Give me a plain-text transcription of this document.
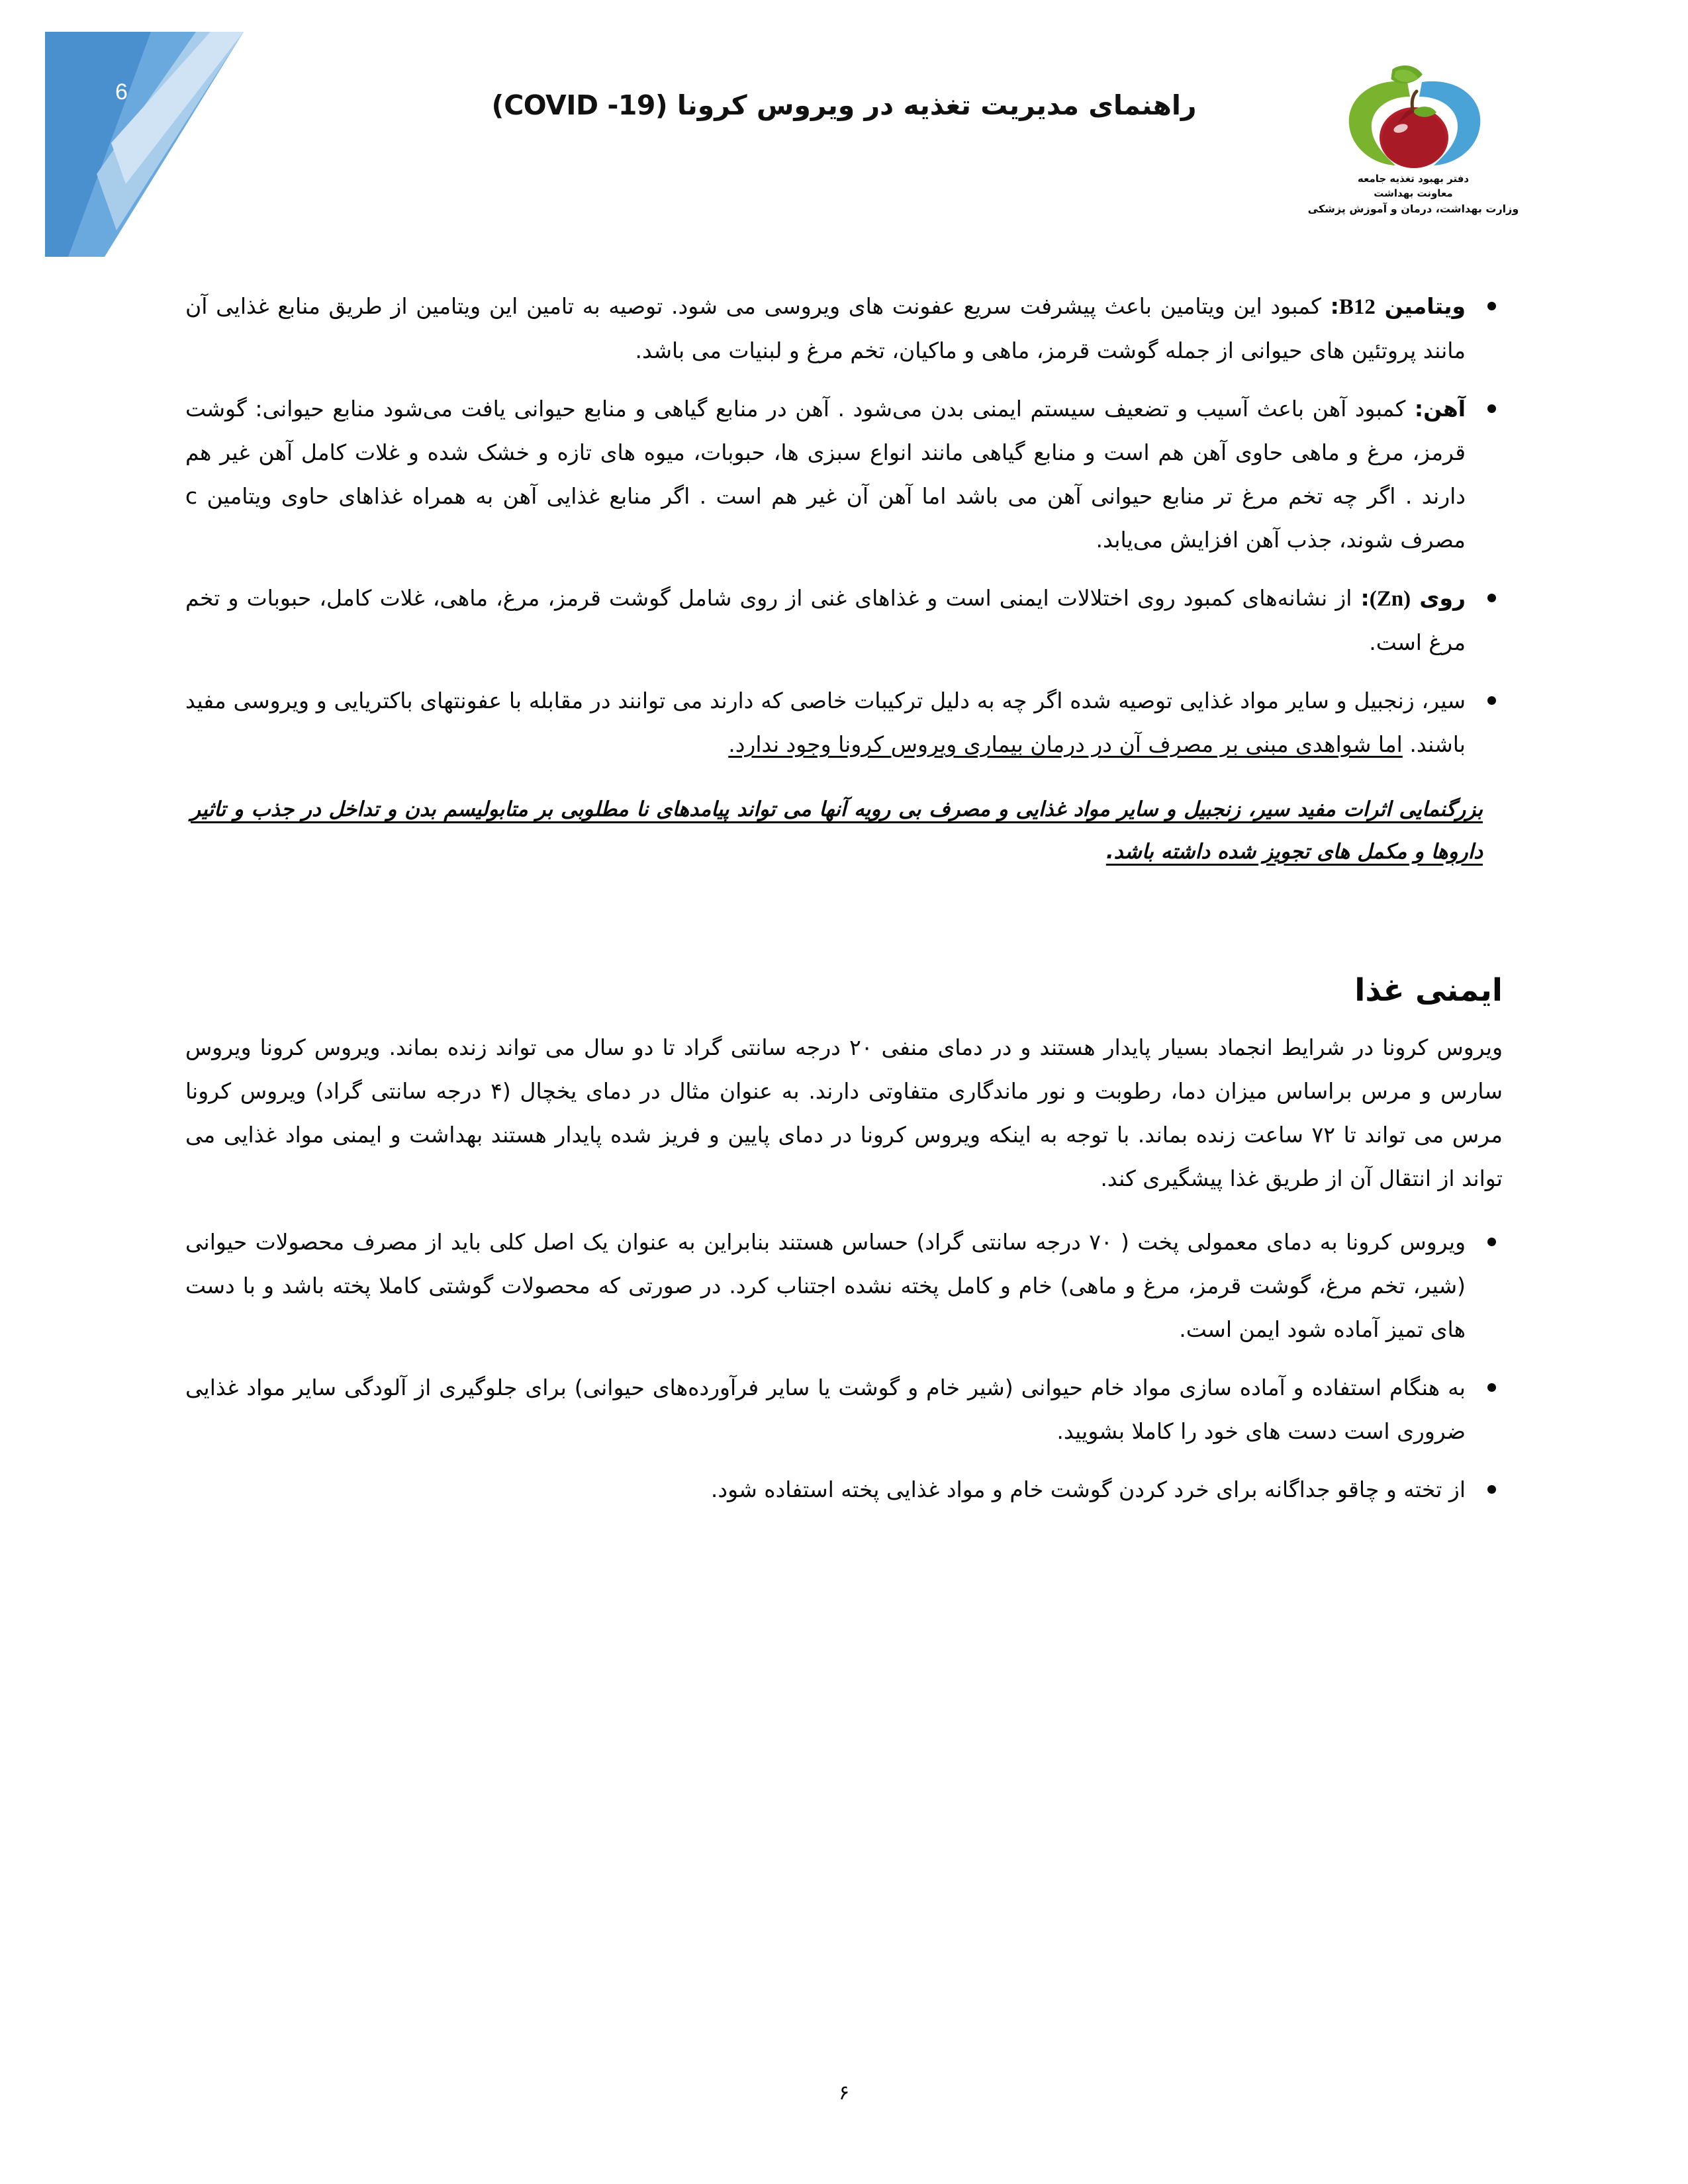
6	راهنمای مدیریت تغذیه در ویروس کرونا (COVID -19)
دفتر بهبود تغذیه جامعه
معاونت بهداشت
وزارت بهداشت، درمان و آموزش پزشکی
ویتامین B12: کمبود این ویتامین باعث پیشرفت سریع عفونت های ویروسی می شود. توصیه به تامین این ویتامین از طریق منابع غذایی آن مانند پروتئین های حیوانی از جمله گوشت قرمز، ماهی و ماکیان، تخم مرغ و لبنیات می باشد.
آهن: کمبود آهن باعث آسیب و تضعیف سیستم ایمنی بدن می‌شود . آهن در منابع گیاهی و منابع حیوانی یافت می‌شود منابع حیوانی: گوشت قرمز، مرغ و ماهی حاوی آهن هم است و منابع گیاهی مانند انواع سبزی ها، حبوبات، میوه های تازه و خشک شده و غلات کامل آهن غیر هم دارند . اگر چه تخم مرغ تر منابع حیوانی آهن می باشد اما آهن آن غیر هم است . اگر منابع غذایی آهن به همراه غذاهای حاوی ویتامین c مصرف شوند، جذب آهن افزایش می‌یابد.
روی (Zn): از نشانه‌های کمبود روی اختلالات ایمنی است و غذاهای غنی از روی شامل گوشت قرمز، مرغ، ماهی، غلات کامل، حبوبات و تخم مرغ است.
سیر، زنجبیل و سایر مواد غذایی توصیه شده اگر چه به دلیل ترکیبات خاصی که دارند می توانند در مقابله با عفونتهای باکتریایی و ویروسی مفید باشند. اما شواهدی مبنی بر مصرف آن در درمان بیماری ویروس کرونا وجود ندارد.

بزرگنمایی اثرات مفید سیر، زنجبیل و سایر مواد غذایی و مصرف بی رویه آنها می تواند پیامدهای نا مطلوبی بر متابولیسم بدن و تداخل در جذب و تاثیر داروها و مکمل های تجویز شده داشته باشد.

ایمنی غذا

ویروس کرونا در شرایط انجماد بسیار پایدار هستند و در دمای منفی ۲۰ درجه سانتی گراد تا دو سال می تواند زنده بماند. ویروس کرونا ویروس سارس و مرس براساس میزان دما، رطوبت و نور ماندگاری متفاوتی دارند. به عنوان مثال در دمای یخچال (۴ درجه سانتی گراد) ویروس کرونا مرس می تواند تا ۷۲ ساعت زنده بماند. با توجه به اینکه ویروس کرونا در دمای پایین و فریز شده پایدار هستند بهداشت و ایمنی مواد غذایی می تواند از انتقال آن از طریق غذا پیشگیری کند.

ویروس کرونا به دمای معمولی پخت ( ۷۰ درجه سانتی گراد) حساس هستند بنابراین به عنوان یک اصل کلی باید از مصرف محصولات حیوانی (شیر، تخم مرغ، گوشت قرمز، مرغ و ماهی) خام و کامل پخته نشده اجتناب کرد. در صورتی که محصولات گوشتی کاملا پخته باشد و با دست های تمیز آماده شود ایمن است.
به هنگام استفاده و آماده سازی مواد خام حیوانی (شیر خام و گوشت یا سایر فرآورده‌های حیوانی) برای جلوگیری از آلودگی سایر مواد غذایی ضروری است دست های خود را کاملا بشویید.
از تخته و چاقو جداگانه برای خرد کردن گوشت خام و مواد غذایی پخته استفاده شود.
۶
